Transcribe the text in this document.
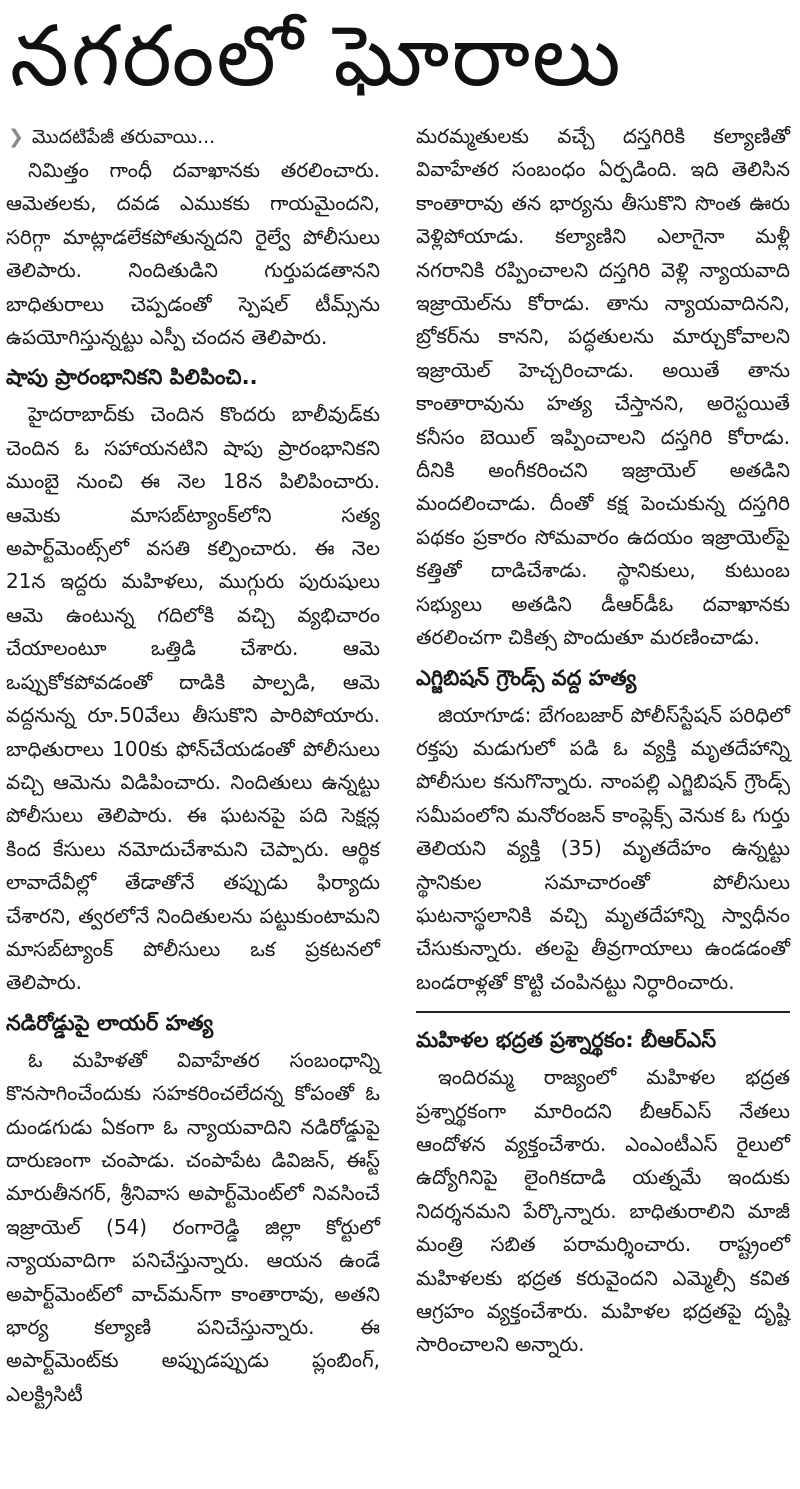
నగరంలో ఘోరాలు

❯ మొదటిపేజీ తరువాయి...

నిమిత్తం గాంధీ దవాఖానకు తరలించారు. ఆమెతలకు, దవడ ఎముకకు గాయమైందని, సరిగ్గా మాట్లాడలేకపోతున్నదని రైల్వే పోలీసులు తెలిపారు. నిందితుడిని గుర్తుపడతానని బాధితురాలు చెప్పడంతో స్పెషల్ టీమ్స్‌ను ఉపయోగిస్తున్నట్టు ఎస్పీ చందన తెలిపారు.

షాపు ప్రారంభానికని పిలిపించి..

హైదరాబాద్‌కు చెందిన కొందరు బాలీవుడ్‌కు చెందిన ఓ సహాయనటిని షాపు ప్రారంభానికని ముంబై నుంచి ఈ నెల 18న పిలిపించారు. ఆమెకు మాసబ్‌ట్యాంక్‌లోని సత్య అపార్ట్‌మెంట్స్‌లో వసతి కల్పించారు. ఈ నెల 21న ఇద్దరు మహిళలు, ముగ్గురు పురుషులు ఆమె ఉంటున్న గదిలోకి వచ్చి వ్యభిచారం చేయాలంటూ ఒత్తిడి చేశారు. ఆమె ఒప్పుకోకపోవడంతో దాడికి పాల్పడి, ఆమె వద్దనున్న రూ.50వేలు తీసుకొని పారిపోయారు. బాధితురాలు 100కు ఫోన్‌చేయడంతో పోలీసులు వచ్చి ఆమెను విడిపించారు. నిందితులు ఉన్నట్టు పోలీసులు తెలిపారు. ఈ ఘటనపై పది సెక్షన్ల కింద కేసులు నమోదుచేశామని చెప్పారు. ఆర్థిక లావాదేవీల్లో తేడాతోనే తప్పుడు ఫిర్యాదు చేశారని, త్వరలోనే నిందితులను పట్టుకుంటామని మాసబ్‌ట్యాంక్ పోలీసులు ఒక ప్రకటనలో తెలిపారు.

నడిరోడ్డుపై లాయర్ హత్య

ఓ మహిళతో వివాహేతర సంబంధాన్ని కొనసాగించేందుకు సహకరించలేదన్న కోపంతో ఓ దుండగుడు ఏకంగా ఓ న్యాయవాదిని నడిరోడ్డుపై దారుణంగా చంపాడు. చంపాపేట డివిజన్, ఈస్ట్ మారుతీనగర్, శ్రీనివాస అపార్ట్‌మెంట్‌లో నివసించే ఇజ్రాయెల్ (54) రంగారెడ్డి జిల్లా కోర్టులో న్యాయవాదిగా పనిచేస్తున్నారు. ఆయన ఉండే అపార్ట్‌మెంట్‌లో వాచ్‌మన్‌గా కాంతారావు, అతని భార్య కల్యాణి పనిచేస్తున్నారు. ఈ అపార్ట్‌మెంట్‌కు అప్పుడప్పుడు ప్లంబింగ్, ఎలక్ట్రిసిటీ

మరమ్మతులకు వచ్చే దస్తగిరికి కల్యాణితో వివాహేతర సంబంధం ఏర్పడింది. ఇది తెలిసిన కాంతారావు తన భార్యను తీసుకొని సొంత ఊరు వెళ్లిపోయాడు. కల్యాణిని ఎలాగైనా మళ్లీ నగరానికి రప్పించాలని దస్తగిరి వెళ్లి న్యాయవాది ఇజ్రాయెల్‌ను కోరాడు. తాను న్యాయవాదినని, బ్రోకర్‌ను కానని, పద్ధతులను మార్చుకోవాలని ఇజ్రాయెల్ హెచ్చరించాడు. అయితే తాను కాంతారావును హత్య చేస్తానని, అరెస్టయితే కనీసం బెయిల్ ఇప్పించాలని దస్తగిరి కోరాడు. దీనికి అంగీకరించని ఇజ్రాయెల్ అతడిని మందలించాడు. దీంతో కక్ష పెంచుకున్న దస్తగిరి పథకం ప్రకారం సోమవారం ఉదయం ఇజ్రాయెల్‌పై కత్తితో దాడిచేశాడు. స్థానికులు, కుటుంబ సభ్యులు అతడిని డీఆర్‌డీఓ దవాఖానకు తరలించగా చికిత్స పొందుతూ మరణించాడు.

ఎగ్జిబిషన్ గ్రౌండ్స్ వద్ద హత్య

జియాగూడ: బేగంబజార్ పోలీస్‌స్టేషన్ పరిధిలో రక్తపు మడుగులో పడి ఓ వ్యక్తి మృతదేహాన్ని పోలీసుల కనుగొన్నారు. నాంపల్లి ఎగ్జిబిషన్ గ్రౌండ్స్ సమీపంలోని మనోరంజన్ కాంప్లెక్స్ వెనుక ఓ గుర్తు తెలియని వ్యక్తి (35) మృతదేహం ఉన్నట్టు స్థానికుల సమాచారంతో పోలీసులు ఘటనాస్థలానికి వచ్చి మృతదేహాన్ని స్వాధీనం చేసుకున్నారు. తలపై తీవ్రగాయాలు ఉండడంతో బండరాళ్లతో కొట్టి చంపినట్టు నిర్ధారించారు.

మహిళల భద్రత ప్రశ్నార్థకం: బీఆర్ఎస్

ఇందిరమ్మ రాజ్యంలో మహిళల భద్రత ప్రశ్నార్థకంగా మారిందని బీఆర్ఎస్ నేతలు ఆందోళన వ్యక్తంచేశారు. ఎంఎంటీఎస్ రైలులో ఉద్యోగినిపై లైంగికదాడి యత్నమే ఇందుకు నిదర్శనమని పేర్కొన్నారు. బాధితురాలిని మాజీ మంత్రి సబిత పరామర్శించారు. రాష్ట్రంలో మహిళలకు భద్రత కరువైందని ఎమ్మెల్సీ కవిత ఆగ్రహం వ్యక్తంచేశారు. మహిళల భద్రతపై దృష్టి సారించాలని అన్నారు.
